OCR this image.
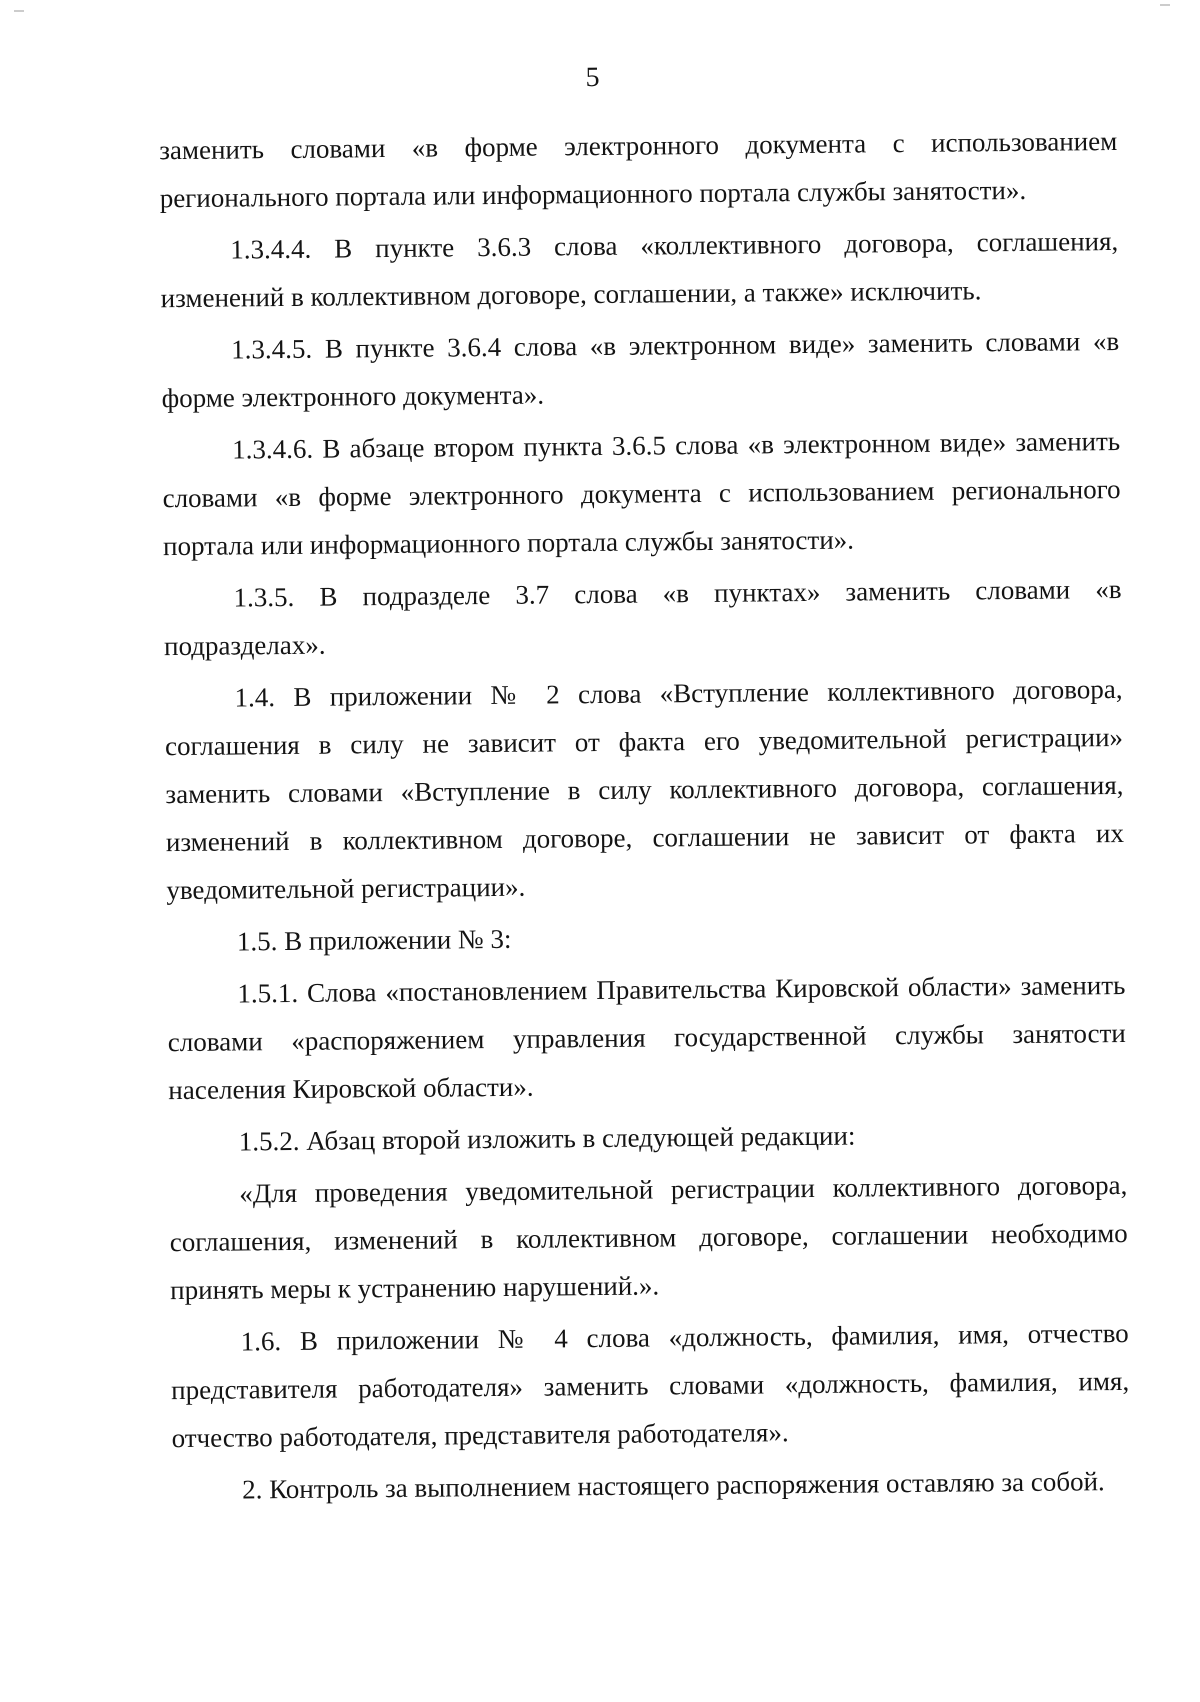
5

заменить словами «в форме электронного документа с использованием регионального портала или информационного портала службы занятости».

1.3.4.4. В пункте 3.6.3 слова «коллективного договора, соглашения, изменений в коллективном договоре, соглашении, а также» исключить.

1.3.4.5. В пункте 3.6.4 слова «в электронном виде» заменить словами «в форме электронного документа».

1.3.4.6. В абзаце втором пункта 3.6.5 слова «в электронном виде» заменить словами «в форме электронного документа с использованием регионального портала или информационного портала службы занятости».

1.3.5. В подразделе 3.7 слова «в пунктах» заменить словами «в подразделах».

1.4. В приложении № 2 слова «Вступление коллективного договора, соглашения в силу не зависит от факта его уведомительной регистрации» заменить словами «Вступление в силу коллективного договора, соглашения, изменений в коллективном договоре, соглашении не зависит от факта их уведомительной регистрации».

1.5. В приложении № 3:

1.5.1. Слова «постановлением Правительства Кировской области» заменить словами «распоряжением управления государственной службы занятости населения Кировской области».

1.5.2. Абзац второй изложить в следующей редакции:

«Для проведения уведомительной регистрации коллективного договора, соглашения, изменений в коллективном договоре, соглашении необходимо принять меры к устранению нарушений.».

1.6. В приложении № 4 слова «должность, фамилия, имя, отчество представителя работодателя» заменить словами «должность, фамилия, имя, отчество работодателя, представителя работодателя».

2. Контроль за выполнением настоящего распоряжения оставляю за собой.
